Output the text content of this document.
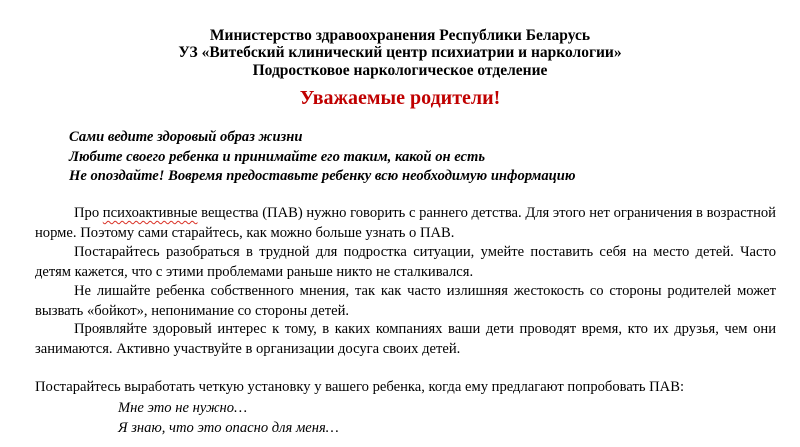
Министерство здравоохранения Республики Беларусь
УЗ «Витебский клинический центр психиатрии и наркологии»
Подростковое наркологическое отделение
Уважаемые родители!
Сами ведите здоровый образ жизни
Любите своего ребенка и принимайте его таким, какой он есть
Не опоздайте! Вовремя предоставьте ребенку всю необходимую информацию

Про психоактивные вещества (ПАВ) нужно говорить с раннего детства. Для этого нет ограничения в возрастной норме. Поэтому сами старайтесь, как можно больше узнать о ПАВ.

Постарайтесь разобраться в трудной для подростка ситуации, умейте поставить себя на место детей. Часто детям кажется, что с этими проблемами раньше никто не сталкивался.

Не лишайте ребенка собственного мнения, так как часто излишняя жестокость со стороны родителей может вызвать «бойкот», непонимание со стороны детей.

Проявляйте здоровый интерес к тому, в каких компаниях ваши дети проводят время, кто их друзья, чем они занимаются. Активно участвуйте в организации досуга своих детей.

Постарайтесь выработать четкую установку у вашего ребенка, когда ему предлагают попробовать ПАВ:
Мне это не нужно…
Я знаю, что это опасно для меня…
